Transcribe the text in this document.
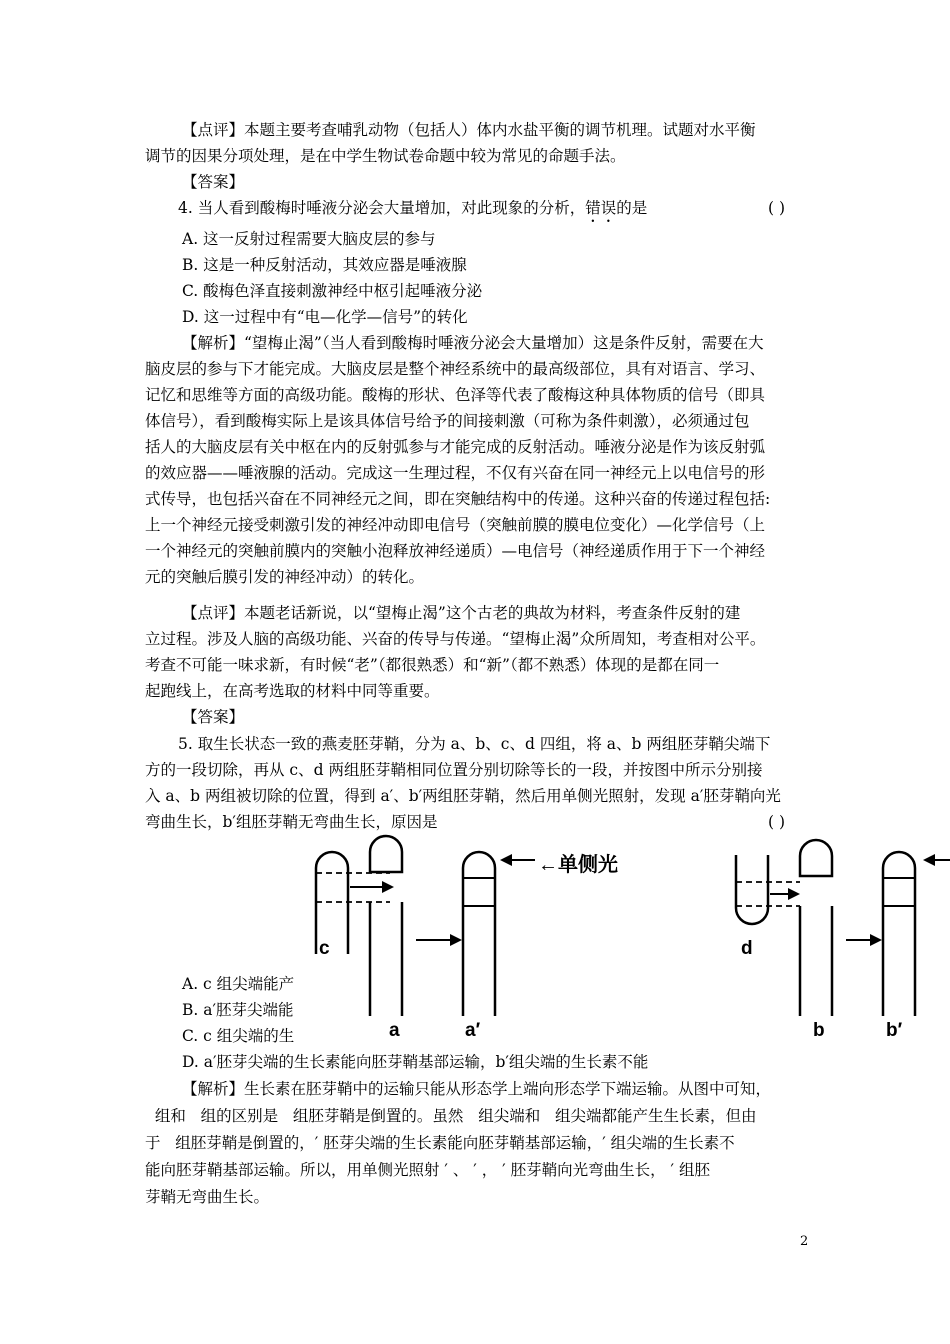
【点评】本题主要考查哺乳动物（包括人）体内水盐平衡的调节机理。试题对水平衡
调节的因果分项处理，是在中学生物试卷命题中较为常见的命题手法。
【答案】
4. 当人看到酸梅时唾液分泌会大量增加，对此现象的分析，错误的是	( )
A. 这一反射过程需要大脑皮层的参与
B. 这是一种反射活动，其效应器是唾液腺
C. 酸梅色泽直接刺激神经中枢引起唾液分泌
D. 这一过程中有“电—化学—信号”的转化
【解析】“望梅止渴”（当人看到酸梅时唾液分泌会大量增加）这是条件反射，需要在大
脑皮层的参与下才能完成。大脑皮层是整个神经系统中的最高级部位，具有对语言、学习、
记忆和思维等方面的高级功能。酸梅的形状、色泽等代表了酸梅这种具体物质的信号（即具
体信号），看到酸梅实际上是该具体信号给予的间接刺激（可称为条件刺激），必须通过包
括人的大脑皮层有关中枢在内的反射弧参与才能完成的反射活动。唾液分泌是作为该反射弧
的效应器——唾液腺的活动。完成这一生理过程，不仅有兴奋在同一神经元上以电信号的形
式传导，也包括兴奋在不同神经元之间，即在突触结构中的传递。这种兴奋的传递过程包括:
上一个神经元接受刺激引发的神经冲动即电信号（突触前膜的膜电位变化）—化学信号（上
一个神经元的突触前膜内的突触小泡释放神经递质）—电信号（神经递质作用于下一个神经
元的突触后膜引发的神经冲动）的转化。
【点评】本题老话新说，以“望梅止渴”这个古老的典故为材料，考查条件反射的建
立过程。涉及人脑的高级功能、兴奋的传导与传递。“望梅止渴”众所周知，考查相对公平。
考查不可能一味求新，有时候“老”（都很熟悉）和“新”（都不熟悉）体现的是都在同一
起跑线上，在高考选取的材料中同等重要。
【答案】
5. 取生长状态一致的燕麦胚芽鞘，分为 a、b、c、d 四组，将 a、b 两组胚芽鞘尖端下
方的一段切除，再从 c、d 两组胚芽鞘相同位置分别切除等长的一段，并按图中所示分别接
入 a、b 两组被切除的位置，得到 a′、b′两组胚芽鞘，然后用单侧光照射，发现 a′胚芽鞘向光
弯曲生长，b′组胚芽鞘无弯曲生长，原因是	( )
←单侧光
c
a	a′
d
b	b′
A. c 组尖端能产
B. a′胚芽尖端能
C. c 组尖端的生
D. a′胚芽尖端的生长素能向胚芽鞘基部运输，b′组尖端的生长素不能
【解析】生长素在胚芽鞘中的运输只能从形态学上端向形态学下端运输。从图中可知，
组和   组的区别是   组胚芽鞘是倒置的。虽然   组尖端和   组尖端都能产生生长素，但由
于   组胚芽鞘是倒置的，′ 胚芽尖端的生长素能向胚芽鞘基部运输，′ 组尖端的生长素不
能向胚芽鞘基部运输。所以，用单侧光照射 ′ 、 ′ ， ′ 胚芽鞘向光弯曲生长， ′ 组胚
芽鞘无弯曲生长。
2
